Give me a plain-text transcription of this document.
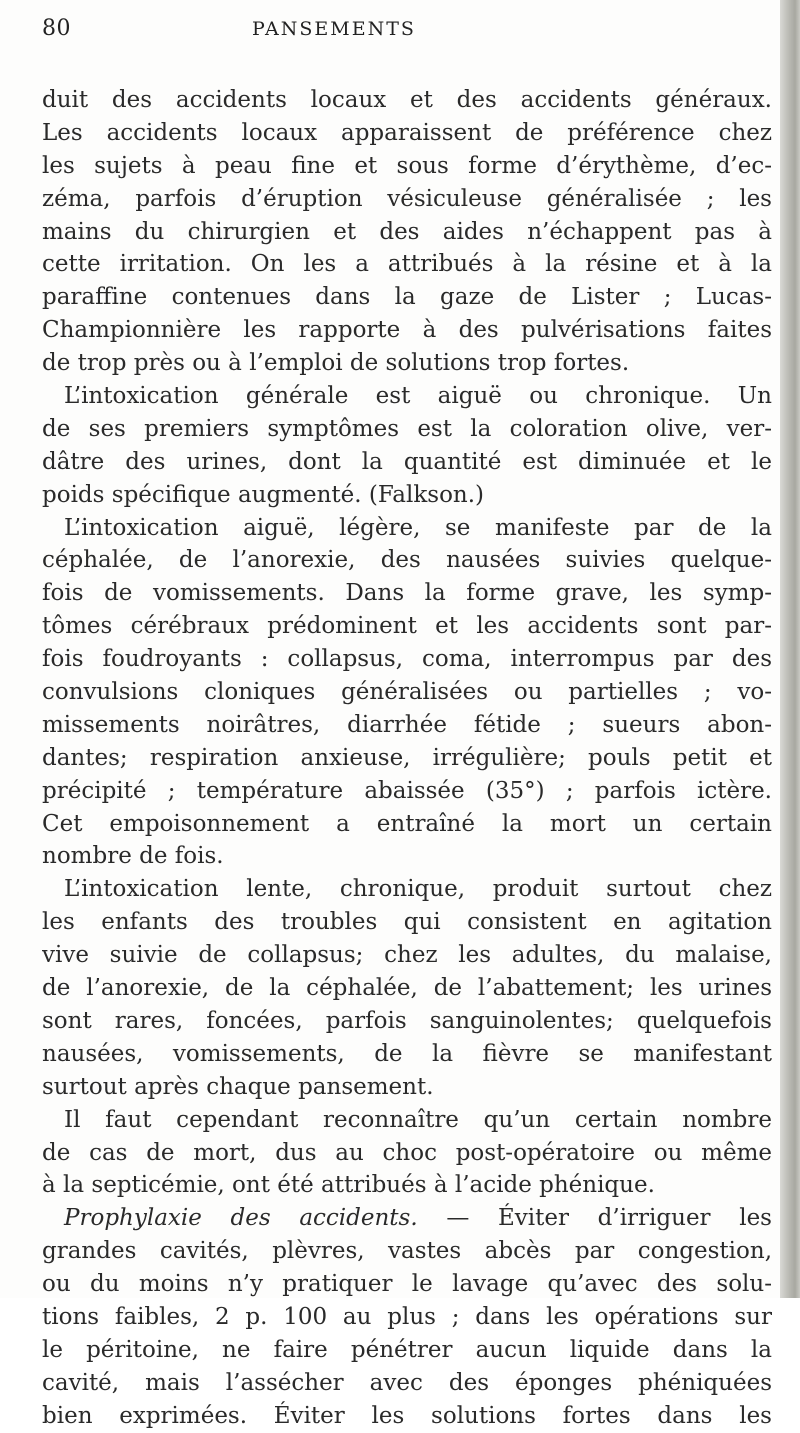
80	PANSEMENTS
duit des accidents locaux et des accidents généraux.
Les accidents locaux apparaissent de préférence chez
les sujets à peau fine et sous forme d’érythème, d’ec-
zéma, parfois d’éruption vésiculeuse généralisée ; les
mains du chirurgien et des aides n’échappent pas à
cette irritation. On les a attribués à la résine et à la
paraffine contenues dans la gaze de Lister ; Lucas-
Championnière les rapporte à des pulvérisations faites
de trop près ou à l’emploi de solutions trop fortes.
L’intoxication générale est aiguë ou chronique. Un
de ses premiers symptômes est la coloration olive, ver-
dâtre des urines, dont la quantité est diminuée et le
poids spécifique augmenté. (Falkson.)
L’intoxication aiguë, légère, se manifeste par de la
céphalée, de l’anorexie, des nausées suivies quelque-
fois de vomissements. Dans la forme grave, les symp-
tômes cérébraux prédominent et les accidents sont par-
fois foudroyants : collapsus, coma, interrompus par des
convulsions cloniques généralisées ou partielles ; vo-
missements noirâtres, diarrhée fétide ; sueurs abon-
dantes; respiration anxieuse, irrégulière; pouls petit et
précipité ; température abaissée (35°) ; parfois ictère.
Cet empoisonnement a entraîné la mort un certain
nombre de fois.
L’intoxication lente, chronique, produit surtout chez
les enfants des troubles qui consistent en agitation
vive suivie de collapsus; chez les adultes, du malaise,
de l’anorexie, de la céphalée, de l’abattement; les urines
sont rares, foncées, parfois sanguinolentes; quelquefois
nausées, vomissements, de la fièvre se manifestant
surtout après chaque pansement.
Il faut cependant reconnaître qu’un certain nombre
de cas de mort, dus au choc post-opératoire ou même
à la septicémie, ont été attribués à l’acide phénique.
Prophylaxie des accidents. — Éviter d’irriguer les
grandes cavités, plèvres, vastes abcès par congestion,
ou du moins n’y pratiquer le lavage qu’avec des solu-
tions faibles, 2 p. 100 au plus ; dans les opérations sur
le péritoine, ne faire pénétrer aucun liquide dans la
cavité, mais l’assécher avec des éponges phéniquées
bien exprimées. Éviter les solutions fortes dans les
